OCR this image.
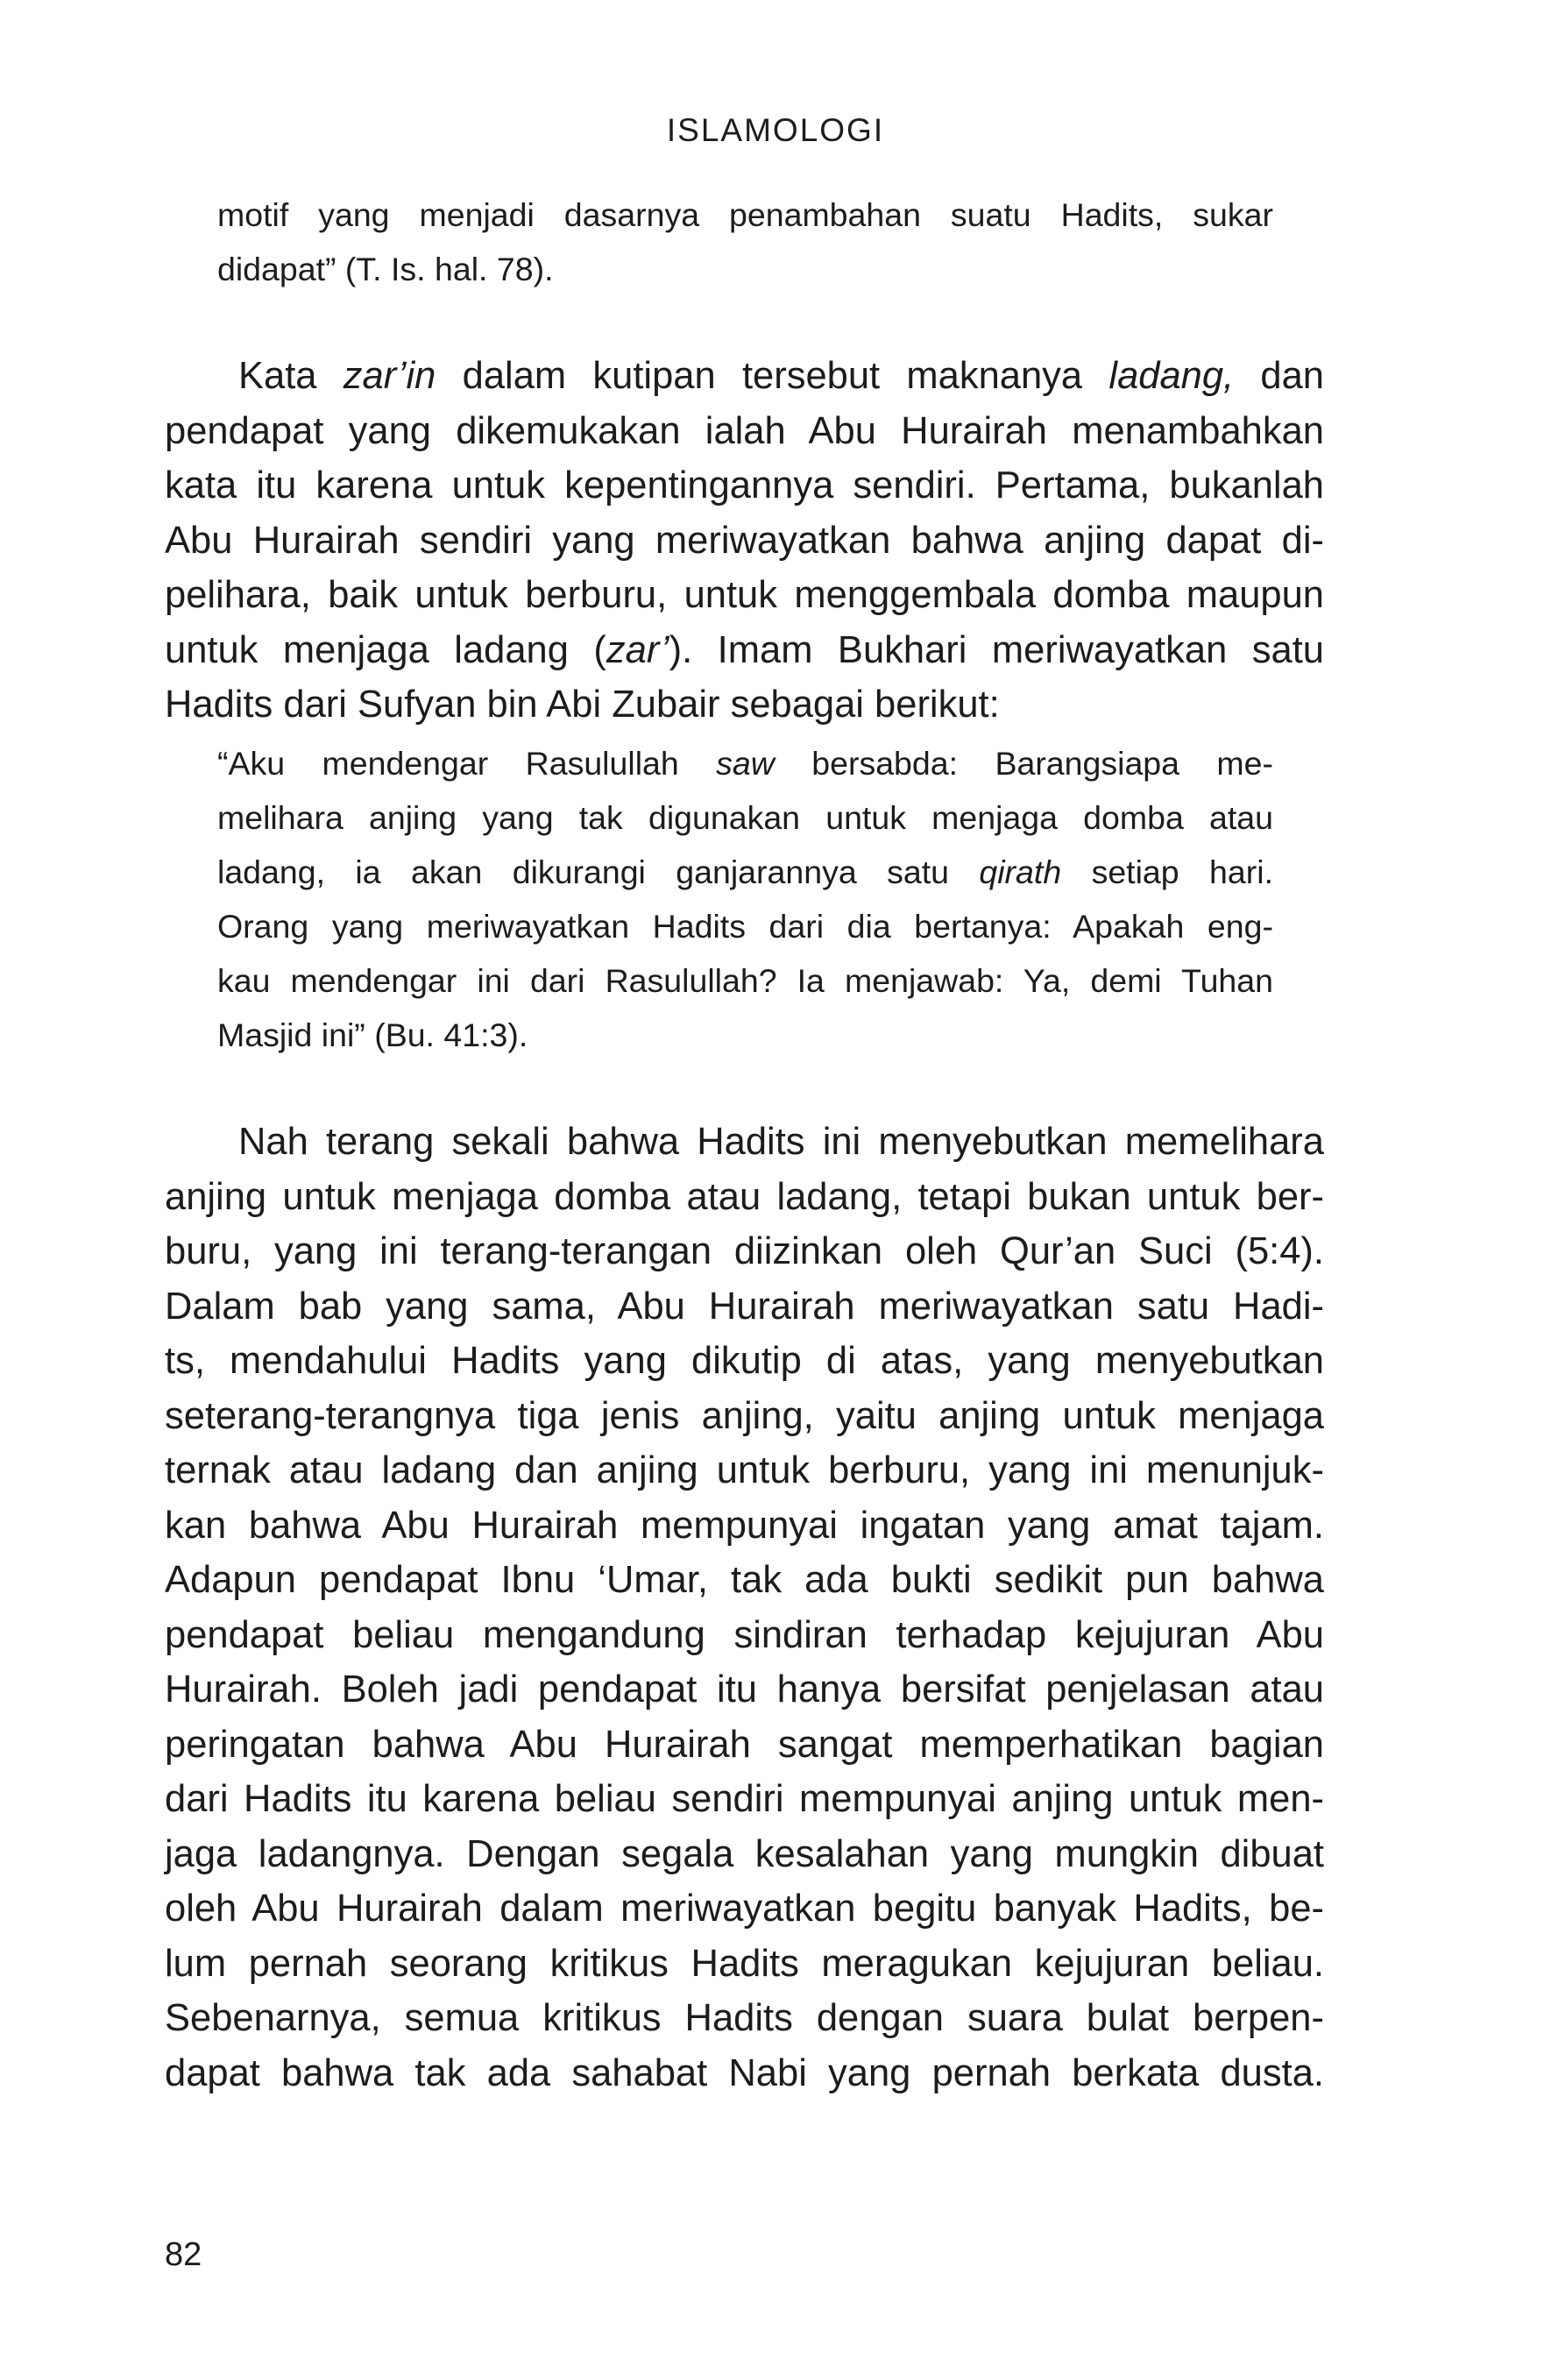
ISLAMOLOGI
motif yang menjadi dasarnya penambahan suatu Hadits, sukar
didapat” (T. Is. hal. 78).
Kata zar’in dalam kutipan tersebut maknanya ladang, dan
pendapat yang dikemukakan ialah Abu Hurairah menambahkan
kata itu karena untuk kepentingannya sendiri. Pertama, bukanlah
Abu Hurairah sendiri yang meriwayatkan bahwa anjing dapat di-
pelihara, baik untuk berburu, untuk menggembala domba maupun
untuk menjaga ladang (zar’). Imam Bukhari meriwayatkan satu
Hadits dari Sufyan bin Abi Zubair sebagai berikut:
“Aku mendengar Rasulullah saw bersabda: Barangsiapa me-
melihara anjing yang tak digunakan untuk menjaga domba atau
ladang, ia akan dikurangi ganjarannya satu qirath setiap hari.
Orang yang meriwayatkan Hadits dari dia bertanya: Apakah eng-
kau mendengar ini dari Rasulullah? Ia menjawab: Ya, demi Tuhan
Masjid ini” (Bu. 41:3).
Nah terang sekali bahwa Hadits ini menyebutkan memelihara
anjing untuk menjaga domba atau ladang, tetapi bukan untuk ber-
buru, yang ini terang-terangan diizinkan oleh Qur’an Suci (5:4).
Dalam bab yang sama, Abu Hurairah meriwayatkan satu Hadi-
ts, mendahului Hadits yang dikutip di atas, yang menyebutkan
seterang-terangnya tiga jenis anjing, yaitu anjing untuk menjaga
ternak atau ladang dan anjing untuk berburu, yang ini menunjuk-
kan bahwa Abu Hurairah mempunyai ingatan yang amat tajam.
Adapun pendapat Ibnu ‘Umar, tak ada bukti sedikit pun bahwa
pendapat beliau mengandung sindiran terhadap kejujuran Abu
Hurairah. Boleh jadi pendapat itu hanya bersifat penjelasan atau
peringatan bahwa Abu Hurairah sangat memperhatikan bagian
dari Hadits itu karena beliau sendiri mempunyai anjing untuk men-
jaga ladangnya. Dengan segala kesalahan yang mungkin dibuat
oleh Abu Hurairah dalam meriwayatkan begitu banyak Hadits, be-
lum pernah seorang kritikus Hadits meragukan kejujuran beliau.
Sebenarnya, semua kritikus Hadits dengan suara bulat berpen-
dapat bahwa tak ada sahabat Nabi yang pernah berkata dusta.
82
